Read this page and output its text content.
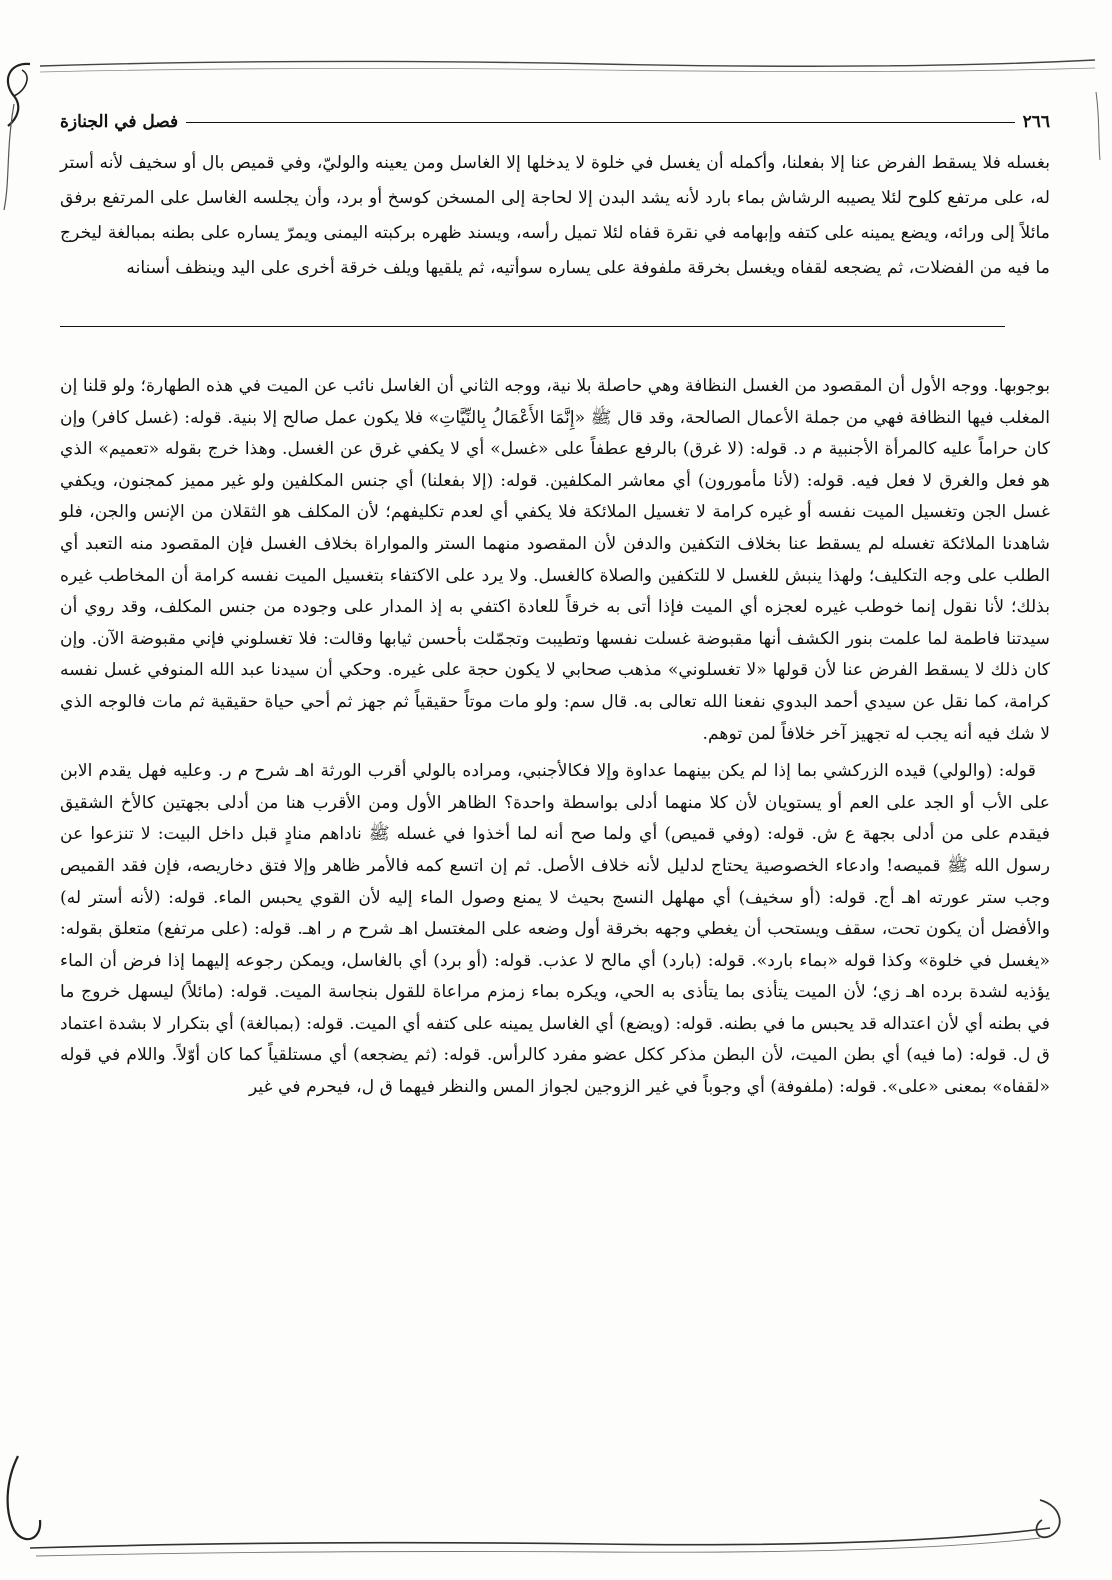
٢٦٦
فصل في الجنازة

بغسله فلا يسقط الفرض عنا إلا بفعلنا، وأكمله أن يغسل في خلوة لا يدخلها إلا الغاسل ومن يعينه والوليّ، وفي قميص بال أو سخيف لأنه أستر له، على مرتفع كلوح لئلا يصيبه الرشاش بماء بارد لأنه يشد البدن إلا لحاجة إلى المسخن كوسخ أو برد، وأن يجلسه الغاسل على المرتفع برفق مائلاً إلى ورائه، ويضع يمينه على كتفه وإبهامه في نقرة قفاه لئلا تميل رأسه، ويسند ظهره بركبته اليمنى ويمرّ يساره على بطنه بمبالغة ليخرج ما فيه من الفضلات، ثم يضجعه لقفاه ويغسل بخرقة ملفوفة على يساره سوأتيه، ثم يلقيها ويلف خرقة أخرى على اليد وينظف أسنانه

بوجوبها. ووجه الأول أن المقصود من الغسل النظافة وهي حاصلة بلا نية، ووجه الثاني أن الغاسل نائب عن الميت في هذه الطهارة؛ ولو قلنا إن المغلب فيها النظافة فهي من جملة الأعمال الصالحة، وقد قال ﷺ «إِنَّمَا الأَعْمَالُ بِالنِّيَّاتِ» فلا يكون عمل صالح إلا بنية. قوله: (غسل كافر) وإن كان حراماً عليه كالمرأة الأجنبية م د. قوله: (لا غرق) بالرفع عطفاً على «غسل» أي لا يكفي غرق عن الغسل. وهذا خرج بقوله «تعميم» الذي هو فعل والغرق لا فعل فيه. قوله: (لأنا مأمورون) أي معاشر المكلفين. قوله: (إلا بفعلنا) أي جنس المكلفين ولو غير مميز كمجنون، ويكفي غسل الجن وتغسيل الميت نفسه أو غيره كرامة لا تغسيل الملائكة فلا يكفي أي لعدم تكليفهم؛ لأن المكلف هو الثقلان من الإنس والجن، فلو شاهدنا الملائكة تغسله لم يسقط عنا بخلاف التكفين والدفن لأن المقصود منهما الستر والمواراة بخلاف الغسل فإن المقصود منه التعبد أي الطلب على وجه التكليف؛ ولهذا ينبش للغسل لا للتكفين والصلاة كالغسل. ولا يرد على الاكتفاء بتغسيل الميت نفسه كرامة أن المخاطب غيره بذلك؛ لأنا نقول إنما خوطب غيره لعجزه أي الميت فإذا أتى به خرقاً للعادة اكتفي به إذ المدار على وجوده من جنس المكلف، وقد روي أن سيدتنا فاطمة لما علمت بنور الكشف أنها مقبوضة غسلت نفسها وتطيبت وتجمّلت بأحسن ثيابها وقالت: فلا تغسلوني فإني مقبوضة الآن. وإن كان ذلك لا يسقط الفرض عنا لأن قولها «لا تغسلوني» مذهب صحابي لا يكون حجة على غيره. وحكي أن سيدنا عبد الله المنوفي غسل نفسه كرامة، كما نقل عن سيدي أحمد البدوي نفعنا الله تعالى به. قال سم: ولو مات موتاً حقيقياً ثم جهز ثم أحي حياة حقيقية ثم مات فالوجه الذي لا شك فيه أنه يجب له تجهيز آخر خلافاً لمن توهم.

قوله: (والولي) قيده الزركشي بما إذا لم يكن بينهما عداوة وإلا فكالأجنبي، ومراده بالولي أقرب الورثة اهـ شرح م ر. وعليه فهل يقدم الابن على الأب أو الجد على العم أو يستويان لأن كلا منهما أدلى بواسطة واحدة؟ الظاهر الأول ومن الأقرب هنا من أدلى بجهتين كالأخ الشقيق فيقدم على من أدلى بجهة ع ش. قوله: (وفي قميص) أي ولما صح أنه لما أخذوا في غسله ﷺ ناداهم منادٍ قبل داخل البيت: لا تنزعوا عن رسول الله ﷺ قميصه! وادعاء الخصوصية يحتاج لدليل لأنه خلاف الأصل. ثم إن اتسع كمه فالأمر ظاهر وإلا فتق دخاريصه، فإن فقد القميص وجب ستر عورته اهـ أج. قوله: (أو سخيف) أي مهلهل النسج بحيث لا يمنع وصول الماء إليه لأن القوي يحبس الماء. قوله: (لأنه أستر له) والأفضل أن يكون تحت، سقف ويستحب أن يغطي وجهه بخرقة أول وضعه على المغتسل اهـ شرح م ر اهـ. قوله: (على مرتفع) متعلق بقوله: «يغسل في خلوة» وكذا قوله «بماء بارد». قوله: (بارد) أي مالح لا عذب. قوله: (أو برد) أي بالغاسل، ويمكن رجوعه إليهما إذا فرض أن الماء يؤذيه لشدة برده اهـ زي؛ لأن الميت يتأذى بما يتأذى به الحي، ويكره بماء زمزم مراعاة للقول بنجاسة الميت. قوله: (مائلاً) ليسهل خروج ما في بطنه أي لأن اعتداله قد يحبس ما في بطنه. قوله: (ويضع) أي الغاسل يمينه على كتفه أي الميت. قوله: (بمبالغة) أي بتكرار لا بشدة اعتماد ق ل. قوله: (ما فيه) أي بطن الميت، لأن البطن مذكر ككل عضو مفرد كالرأس. قوله: (ثم يضجعه) أي مستلقياً كما كان أوّلاً. واللام في قوله «لقفاه» بمعنى «على». قوله: (ملفوفة) أي وجوباً في غير الزوجين لجواز المس والنظر فيهما ق ل، فيحرم في غير
